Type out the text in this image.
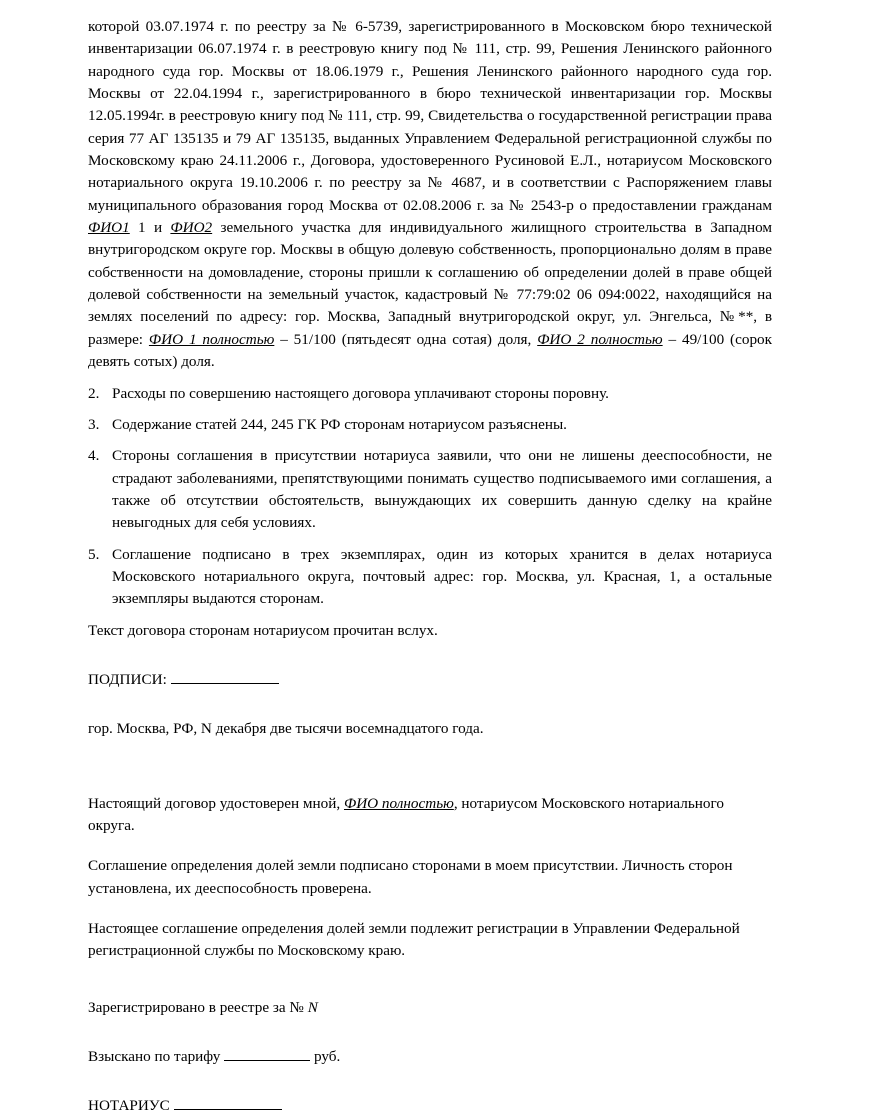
которой 03.07.1974 г. по реестру за № 6-5739, зарегистрированного в Московском бюро технической инвентаризации 06.07.1974 г. в реестровую книгу под № 111, стр. 99, Решения Ленинского районного народного суда гор. Москвы от 18.06.1979 г., Решения Ленинского районного народного суда гор. Москвы от 22.04.1994 г., зарегистрированного в бюро технической инвентаризации гор. Москвы 12.05.1994г. в реестровую книгу под № 111, стр. 99, Свидетельства о государственной регистрации права серия 77 АГ 135135 и 79 АГ 135135, выданных Управлением Федеральной регистрационной службы по Московскому краю 24.11.2006 г., Договора, удостоверенного Русиновой Е.Л., нотариусом Московского нотариального округа 19.10.2006 г. по реестру за № 4687, и в соответствии с Распоряжением главы муниципального образования город Москва от 02.08.2006 г. за № 2543-р о предоставлении гражданам ФИО1 1 и ФИО2 земельного участка для индивидуального жилищного строительства в Западном внутригородском округе гор. Москвы в общую долевую собственность, пропорционально долям в праве собственности на домовладение, стороны пришли к соглашению об определении долей в праве общей долевой собственности на земельный участок, кадастровый № 77:79:02 06 094:0022, находящийся на землях поселений по адресу: гор. Москва, Западный внутригородской округ, ул. Энгельса, №**, в размере: ФИО 1 полностью – 51/100 (пятьдесят одна сотая) доля, ФИО 2 полностью – 49/100 (сорок девять сотых) доля.

2. Расходы по совершению настоящего договора уплачивают стороны поровну.
3. Содержание статей 244, 245 ГК РФ сторонам нотариусом разъяснены.
4. Стороны соглашения в присутствии нотариуса заявили, что они не лишены дееспособности, не страдают заболеваниями, препятствующими понимать существо подписываемого ими соглашения, а также об отсутствии обстоятельств, вынуждающих их совершить данную сделку на крайне невыгодных для себя условиях.
5. Соглашение подписано в трех экземплярах, один из которых хранится в делах нотариуса Московского нотариального округа, почтовый адрес: гор. Москва, ул. Красная, 1, а остальные экземпляры выдаются сторонам.

Текст договора сторонам нотариусом прочитан вслух.

ПОДПИСИ:

гор. Москва, РФ, N декабря две тысячи восемнадцатого года.

Настоящий договор удостоверен мной, ФИО полностью, нотариусом Московского нотариального округа.

Соглашение определения долей земли подписано сторонами в моем присутствии. Личность сторон установлена, их дееспособность проверена.

Настоящее соглашение определения долей земли подлежит регистрации в Управлении Федеральной регистрационной службы по Московскому краю.

Зарегистрировано в реестре за № N

Взыскано по тарифу	руб.

НОТАРИУС
